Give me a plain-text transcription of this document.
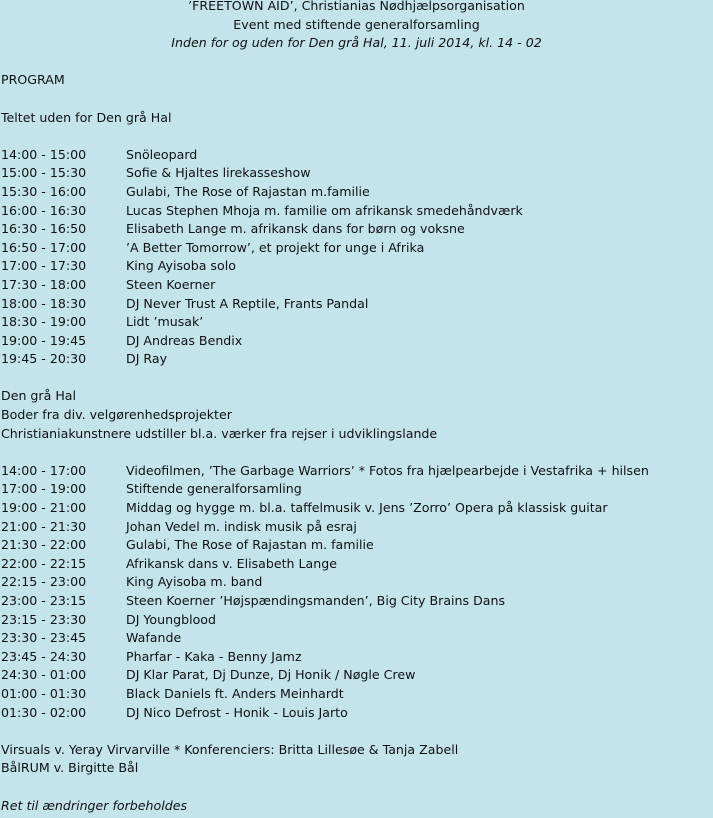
’FREETOWN AID’, Christianias Nødhjælpsorganisation
Event med stiftende generalforsamling
Inden for og uden for Den grå Hal, 11. juli 2014, kl. 14 - 02
PROGRAM
Teltet uden for Den grå Hal
14:00 - 15:00	Snöleopard
15:00 - 15:30	Sofie & Hjaltes lirekasseshow
15:30 - 16:00	Gulabi, The Rose of Rajastan m.familie
16:00 - 16:30	Lucas Stephen Mhoja m. familie om afrikansk smedehåndværk
16:30 - 16:50	Elisabeth Lange m. afrikansk dans for børn og voksne
16:50 - 17:00	’A Better Tomorrow’, et projekt for unge i Afrika
17:00 - 17:30	King Ayisoba solo
17:30 - 18:00	Steen Koerner
18:00 - 18:30	DJ Never Trust A Reptile, Frants Pandal
18:30 - 19:00	Lidt ’musak’
19:00 - 19:45	DJ Andreas Bendix
19:45 - 20:30	DJ Ray
Den grå Hal
Boder fra div. velgørenhedsprojekter
Christianiakunstnere udstiller bl.a. værker fra rejser i udviklingslande
14:00 - 17:00	Videofilmen, ’The Garbage Warriors’ * Fotos fra hjælpearbejde i Vestafrika + hilsen
17:00 - 19:00	Stiftende generalforsamling
19:00 - 21:00	Middag og hygge m. bl.a. taffelmusik v. Jens ’Zorro’ Opera på klassisk guitar
21:00 - 21:30	Johan Vedel m. indisk musik på esraj
21:30 - 22:00	Gulabi, The Rose of Rajastan m. familie
22:00 - 22:15	Afrikansk dans v. Elisabeth Lange
22:15 - 23:00	King Ayisoba m. band
23:00 - 23:15	Steen Koerner ’Højspændingsmanden’, Big City Brains Dans
23:15 - 23:30	DJ Youngblood
23:30 - 23:45	Wafande
23:45 - 24:30	Pharfar - Kaka - Benny Jamz
24:30 - 01:00	DJ Klar Parat, Dj Dunze, Dj Honik / Nøgle Crew
01:00 - 01:30	Black Daniels ft. Anders Meinhardt
01:30 - 02:00	DJ Nico Defrost - Honik - Louis Jarto
Virsuals v. Yeray Virvarville * Konferenciers: Britta Lillesøe & Tanja Zabell
BålRUM v. Birgitte Bål
Ret til ændringer forbeholdes
